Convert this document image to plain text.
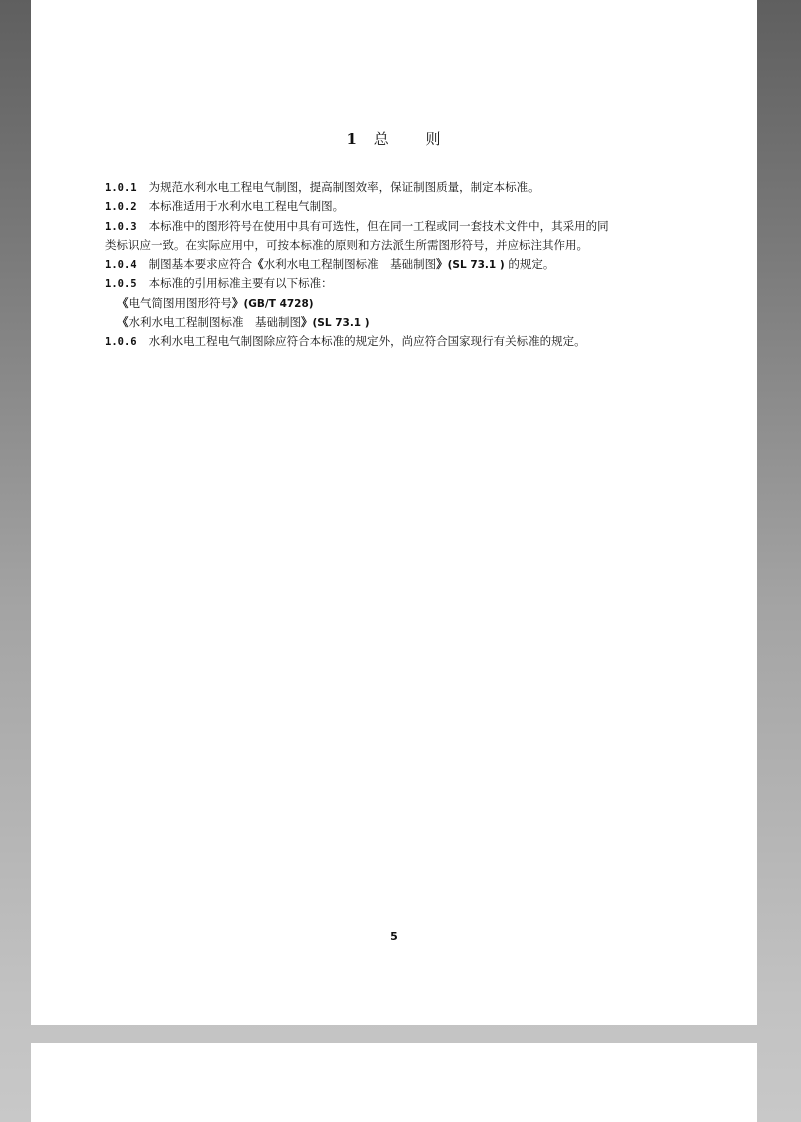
1 总 则
1.0.1 为规范水利水电工程电气制图，提高制图效率，保证制图质量，制定本标准。
1.0.2 本标准适用于水利水电工程电气制图。
1.0.3 本标准中的图形符号在使用中具有可选性，但在同一工程或同一套技术文件中，其采用的同
类标识应一致。在实际应用中，可按本标准的原则和方法派生所需图形符号，并应标注其作用。
1.0.4 制图基本要求应符合《水利水电工程制图标准　基础制图》(SL 73.1 ) 的规定。
1.0.5 本标准的引用标准主要有以下标准：
《电气简图用图形符号》(GB/T 4728)
《水利水电工程制图标准　基础制图》(SL 73.1 )
1.0.6 水利水电工程电气制图除应符合本标准的规定外，尚应符合国家现行有关标准的规定。
5
